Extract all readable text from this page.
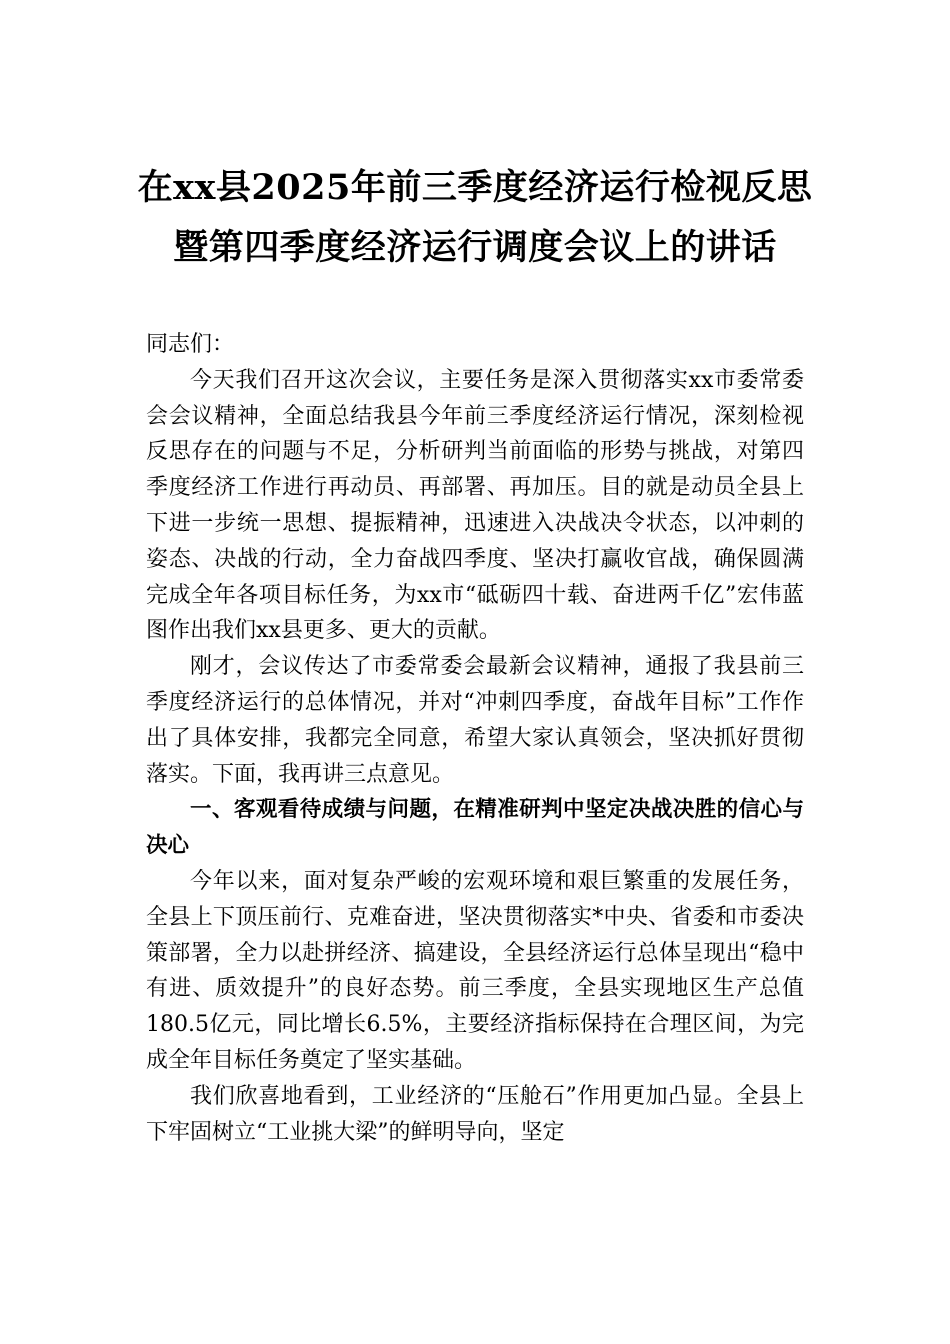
在xx县2025年前三季度经济运行检视反思
暨第四季度经济运行调度会议上的讲话

同志们：

今天我们召开这次会议，主要任务是深入贯彻落实xx市委常委会会议精神，全面总结我县今年前三季度经济运行情况，深刻检视反思存在的问题与不足，分析研判当前面临的形势与挑战，对第四季度经济工作进行再动员、再部署、再加压。目的就是动员全县上下进一步统一思想、提振精神，迅速进入决战决令状态，以冲刺的姿态、决战的行动，全力奋战四季度、坚决打赢收官战，确保圆满完成全年各项目标任务，为xx市“砥砺四十载、奋进两千亿”宏伟蓝图作出我们xx县更多、更大的贡献。

刚才，会议传达了市委常委会最新会议精神，通报了我县前三季度经济运行的总体情况，并对“冲刺四季度，奋战年目标”工作作出了具体安排，我都完全同意，希望大家认真领会，坚决抓好贯彻落实。下面，我再讲三点意见。

一、客观看待成绩与问题，在精准研判中坚定决战决胜的信心与决心

今年以来，面对复杂严峻的宏观环境和艰巨繁重的发展任务，全县上下顶压前行、克难奋进，坚决贯彻落实*中央、省委和市委决策部署，全力以赴拼经济、搞建设，全县经济运行总体呈现出“稳中有进、质效提升”的良好态势。前三季度，全县实现地区生产总值180.5亿元，同比增长6.5%，主要经济指标保持在合理区间，为完成全年目标任务奠定了坚实基础。

我们欣喜地看到，工业经济的“压舱石”作用更加凸显。全县上下牢固树立“工业挑大梁”的鲜明导向，坚定
